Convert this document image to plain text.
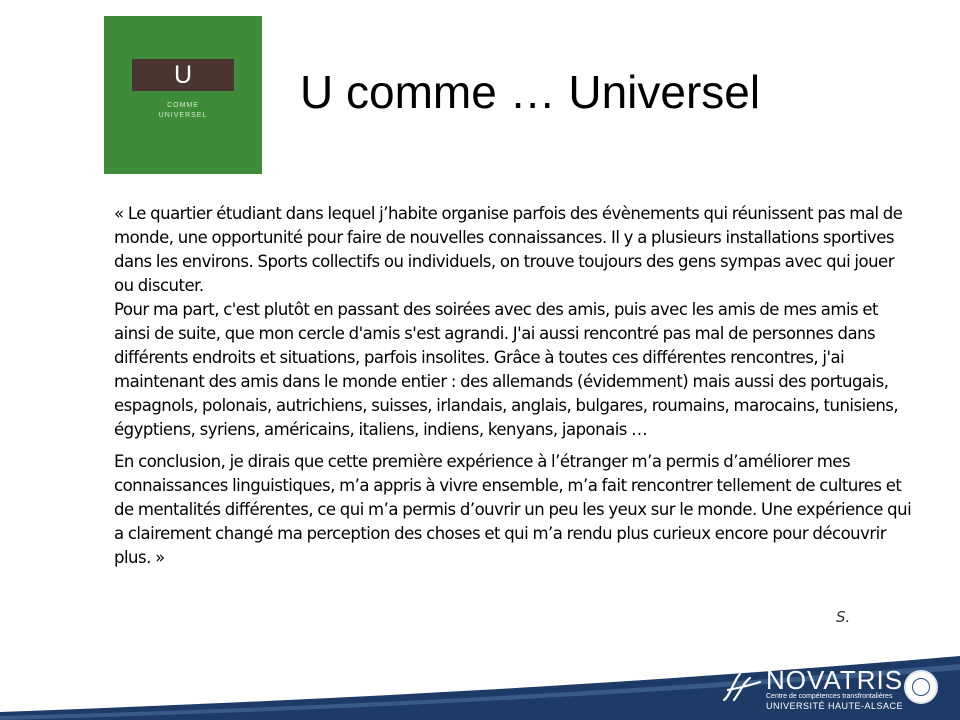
U
COMME
UNIVERSEL	U comme … Universel

« Le quartier étudiant dans lequel j’habite organise parfois des évènements qui réunissent pas mal de monde, une opportunité pour faire de nouvelles connaissances. Il y a plusieurs installations sportives dans les environs. Sports collectifs ou individuels, on trouve toujours des gens sympas avec qui jouer ou discuter.

Pour ma part, c'est plutôt en passant des soirées avec des amis, puis avec les amis de mes amis et ainsi de suite, que mon cercle d'amis s'est agrandi. J'ai aussi rencontré pas mal de personnes dans différents endroits et situations, parfois insolites. Grâce à toutes ces différentes rencontres, j'ai maintenant des amis dans le monde entier : des allemands (évidemment) mais aussi des portugais, espagnols, polonais, autrichiens, suisses, irlandais, anglais, bulgares, roumains, marocains, tunisiens, égyptiens, syriens, américains, italiens, indiens, kenyans, japonais …

En conclusion, je dirais que cette première expérience à l’étranger m’a permis d’améliorer mes connaissances linguistiques, m’a appris à vivre ensemble, m’a fait rencontrer tellement de cultures et de mentalités différentes, ce qui m’a permis d’ouvrir un peu les yeux sur le monde. Une expérience qui a clairement changé ma perception des choses et qui m’a rendu plus curieux encore pour découvrir plus. »

S.
NOVATRIS
Centre de compétences transfrontalières
UNIVERSITÉ HAUTE-ALSACE
